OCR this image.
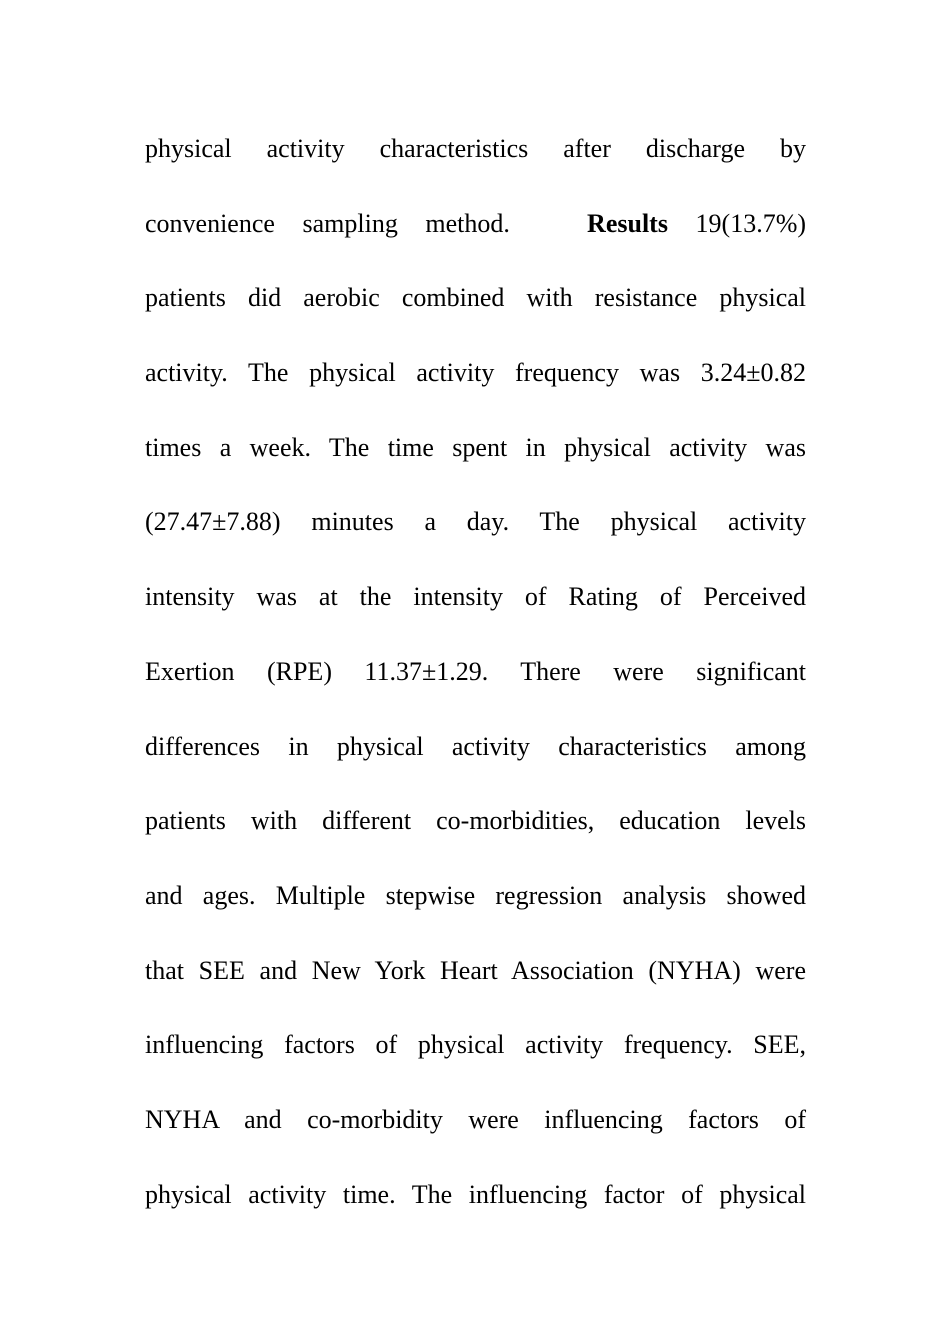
physical activity characteristics after discharge by
convenience sampling method.	Results 19(13.7%)
patients did aerobic combined with resistance physical
activity. The physical activity frequency was 3.24±0.82
times a week. The time spent in physical activity was
(27.47±7.88) minutes a day. The physical activity
intensity was at the intensity of Rating of Perceived
Exertion (RPE) 11.37±1.29. There were significant
differences in physical activity characteristics among
patients with different co-morbidities, education levels
and ages. Multiple stepwise regression analysis showed
that SEE and New York Heart Association (NYHA) were
influencing factors of physical activity frequency. SEE,
NYHA and co-morbidity were influencing factors of
physical activity time. The influencing factor of physical
